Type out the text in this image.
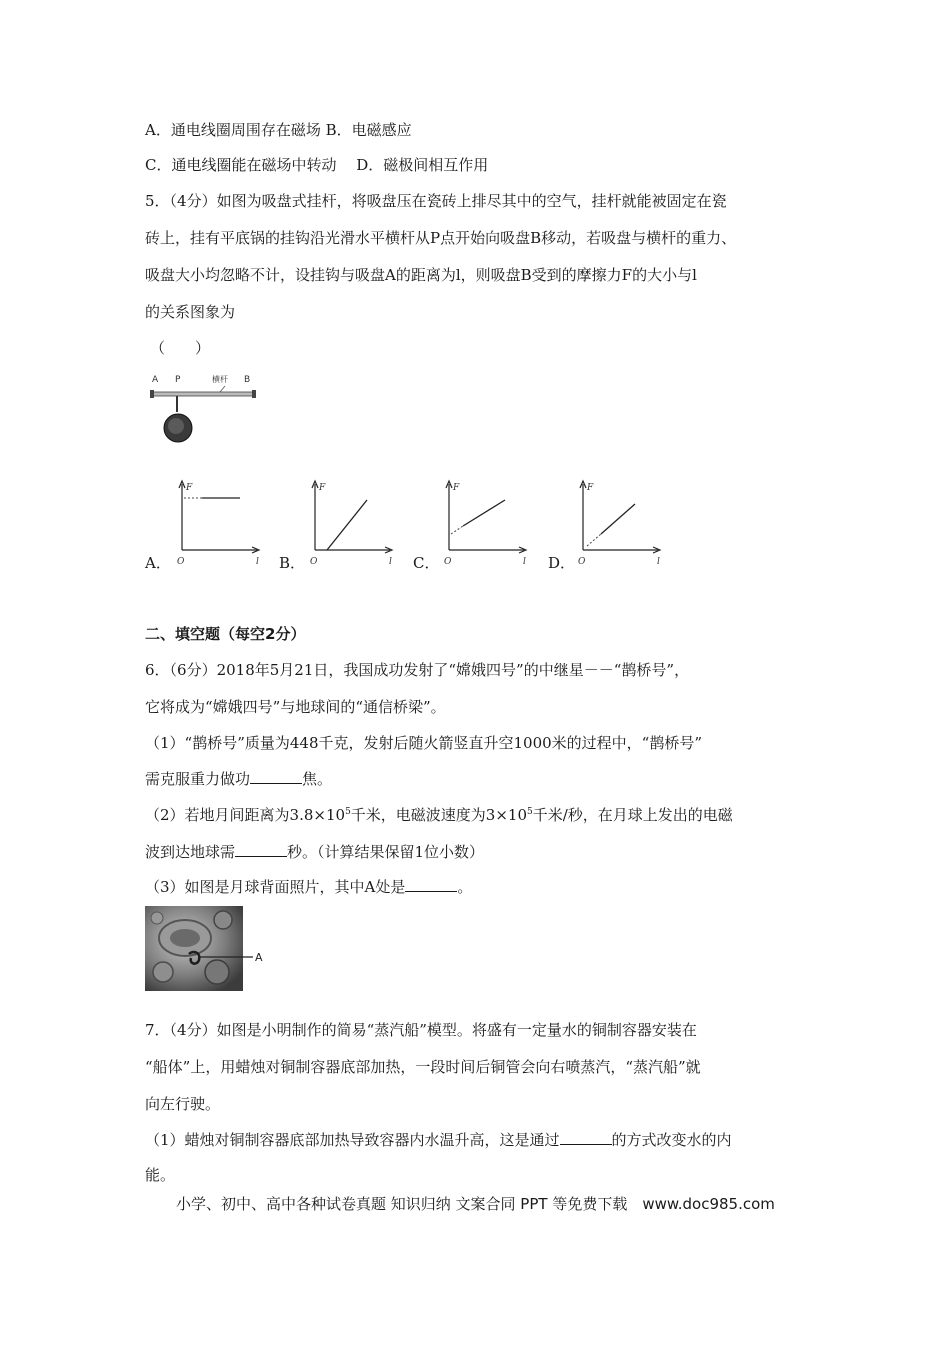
A．通电线圈周围存在磁场 B．电磁感应
C．通电线圈能在磁场中转动　 D．磁极间相互作用
5．（4分）如图为吸盘式挂杆，将吸盘压在瓷砖上排尽其中的空气，挂杆就能被固定在瓷
砖上，挂有平底锅的挂钩沿光滑水平横杆从P点开始向吸盘B移动，若吸盘与横杆的重力、
吸盘大小均忽略不计，设挂钩与吸盘A的距离为l，则吸盘B受到的摩擦力F的大小与l
的关系图象为
（　　）
A P	横杆 B
A．	B．	C．	D．
F
O	l
F
O	l
F
O	l
F
O	l
二、填空题（每空2分）
6．（6分）2018年5月21日，我国成功发射了“嫦娥四号”的中继星－－“鹊桥号”，
它将成为“嫦娥四号”与地球间的“通信桥梁”。
（1）“鹊桥号”质量为448千克，发射后随火箭竖直升空1000米的过程中，“鹊桥号”
需克服重力做功	焦。
（2）若地月间距离为$3.8\times 10^5$千米，电磁波速度为$3\times 10^5$千米/秒，在月球上发出的电磁
波到达地球需	秒。（计算结果保留1位小数）
（3）如图是月球背面照片，其中A处是	。
A
7．（4分）如图是小明制作的简易“蒸汽船”模型。将盛有一定量水的铜制容器安装在
“船体”上，用蜡烛对铜制容器底部加热，一段时间后铜管会向右喷蒸汽，“蒸汽船”就
向左行驶。
（1）蜡烛对铜制容器底部加热导致容器内水温升高，这是通过	的方式改变水的内
能。
小学、初中、高中各种试卷真题 知识归纳 文案合同 PPT 等免费下载　www.doc985.com
